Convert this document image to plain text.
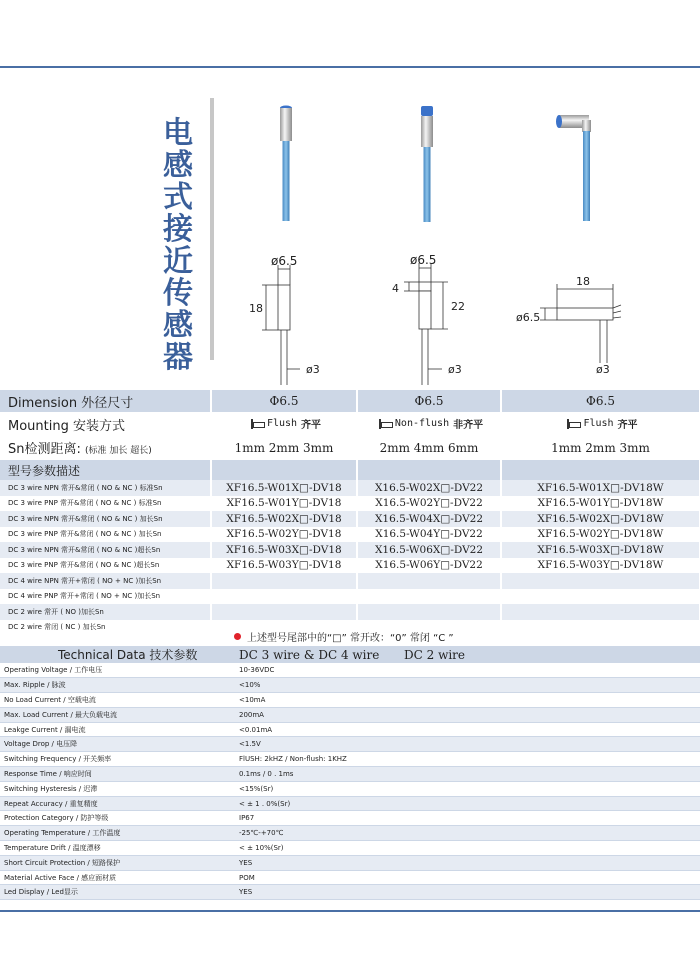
电
感
式
接
近
传
感
器
ø6.5
18
ø3
ø6.5
4
22
ø3
18
ø6.5
ø3
Dimension 外径尺寸	Φ6.5	Φ6.5	Φ6.5
Mounting 安装方式	Flush 齐平	Non-flush 非齐平	Flush 齐平

Sn检测距离: (标准 加长 超长)	1mm 2mm 3mm	2mm 4mm 6mm	1mm 2mm 3mm
型号参数描述			
DC 3 wire NPN 常开&常闭 ( NO & NC ) 标准Sn	XF16.5-W01X□-DV18	X16.5-W02X□-DV22	XF16.5-W01X□-DV18W
DC 3 wire PNP 常开&常闭 ( NO & NC ) 标准Sn	XF16.5-W01Y□-DV18	X16.5-W02Y□-DV22	XF16.5-W01Y□-DV18W
DC 3 wire NPN 常开&常闭 ( NO & NC ) 加长Sn	XF16.5-W02X□-DV18	X16.5-W04X□-DV22	XF16.5-W02X□-DV18W
DC 3 wire PNP 常开&常闭 ( NO & NC ) 加长Sn	XF16.5-W02Y□-DV18	X16.5-W04Y□-DV22	XF16.5-W02Y□-DV18W
DC 3 wire NPN 常开&常闭 ( NO & NC )超长Sn	XF16.5-W03X□-DV18	X16.5-W06X□-DV22	XF16.5-W03X□-DV18W
DC 3 wire PNP 常开&常闭 ( NO & NC )超长Sn	XF16.5-W03Y□-DV18	X16.5-W06Y□-DV22	XF16.5-W03Y□-DV18W
DC 4 wire NPN 常开+常闭 ( NO + NC )加长Sn			
DC 4 wire PNP 常开+常闭 ( NO + NC )加长Sn			
DC 2 wire 常开 ( NO )加长Sn			
DC 2 wire 常闭 ( NC ) 加长Sn			
上述型号尾部中的“□” 常开改：“0” 常闭 “C ”
Technical Data 技术参数	DC 3 wire & DC 4 wire	DC 2 wire
Operating Voltage / 工作电压	10-36VDC	
Max. Ripple / 脉波	<10%	
No Load Current / 空载电流	<10mA	
Max. Load Current / 最大负载电流	200mA	
Leakge Current / 漏电流	<0.01mA	
Voltage Drop / 电压降	<1.5V	
Switching Frequency / 开关频率	FlUSH: 2kHZ / Non-flush: 1KHZ	
Response Time / 响应时间	0.1ms / 0 . 1ms	
Switching Hysteresis / 迟滞	<15%(Sr)	
Repeat Accuracy / 重复精度	< ± 1 . 0%(Sr)	
Protection Category / 防护等级	IP67	
Operating Temperature / 工作温度	-25℃-+70℃	
Temperature Drift / 温度漂移	< ± 10%(Sr)	
Short Circuit Protection / 短路保护	YES	
Material Active Face / 感应面材质	POM	
Led Display / Led显示	YES	
